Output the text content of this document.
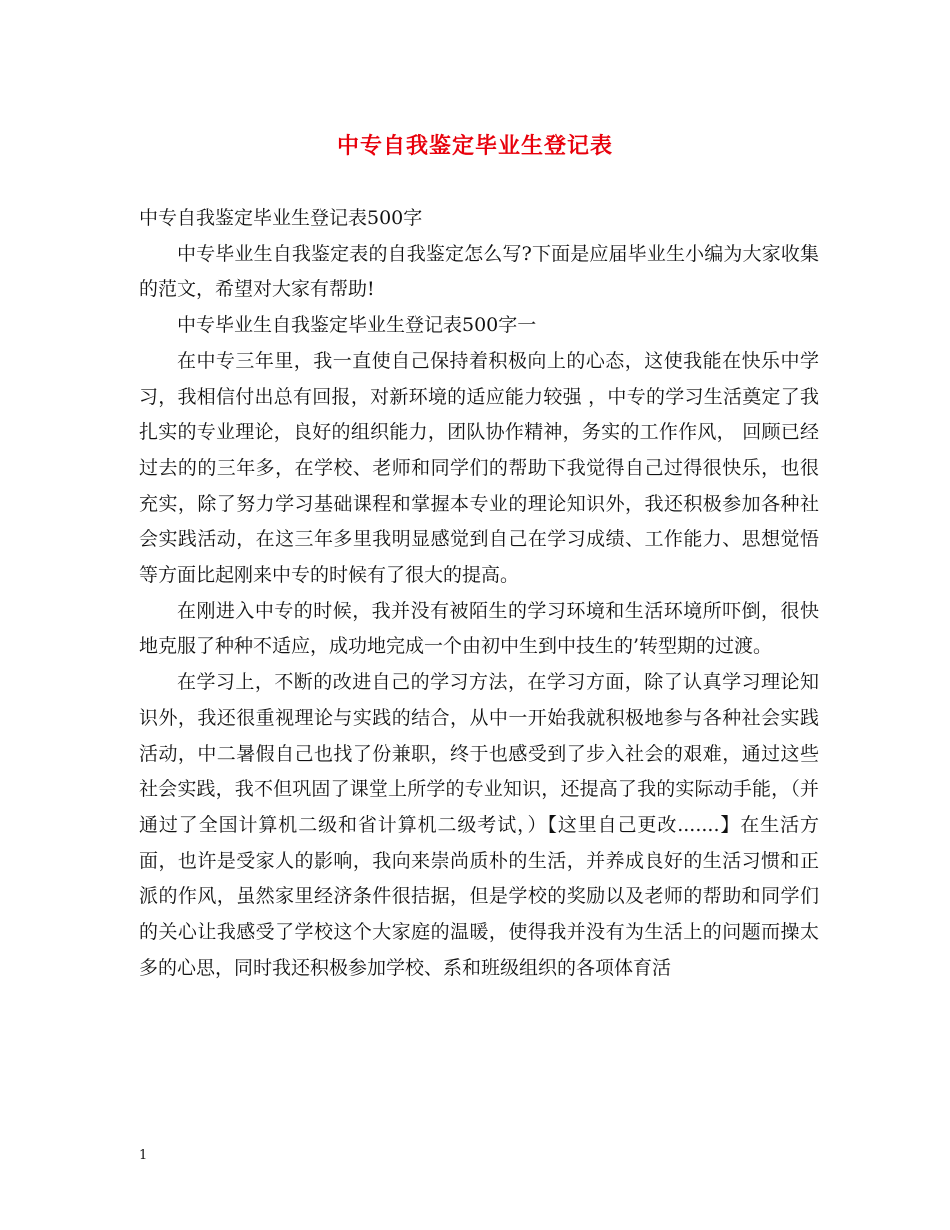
中专自我鉴定毕业生登记表

中专自我鉴定毕业生登记表500字

中专毕业生自我鉴定表的自我鉴定怎么写?下面是应届毕业生小编为大家收集的范文，希望对大家有帮助!

中专毕业生自我鉴定毕业生登记表500字一

在中专三年里，我一直使自己保持着积极向上的心态，这使我能在快乐中学习，我相信付出总有回报，对新环境的适应能力较强 ，中专的学习生活奠定了我扎实的专业理论，良好的组织能力，团队协作精神，务实的工作作风， 回顾已经过去的的三年多，在学校、老师和同学们的帮助下我觉得自己过得很快乐，也很充实，除了努力学习基础课程和掌握本专业的理论知识外，我还积极参加各种社会实践活动，在这三年多里我明显感觉到自己在学习成绩、工作能力、思想觉悟等方面比起刚来中专的时候有了很大的提高。

在刚进入中专的时候，我并没有被陌生的学习环境和生活环境所吓倒，很快地克服了种种不适应，成功地完成一个由初中生到中技生的’转型期的过渡。

在学习上，不断的改进自己的学习方法，在学习方面，除了认真学习理论知识外，我还很重视理论与实践的结合，从中一开始我就积极地参与各种社会实践活动，中二暑假自己也找了份兼职，终于也感受到了步入社会的艰难，通过这些社会实践，我不但巩固了课堂上所学的专业知识，还提高了我的实际动手能，（并通过了全国计算机二级和省计算机二级考试，）【这里自己更改.......】在生活方面，也许是受家人的影响，我向来崇尚质朴的生活，并养成良好的生活习惯和正派的作风，虽然家里经济条件很拮据，但是学校的奖励以及老师的帮助和同学们的关心让我感受了学校这个大家庭的温暖，使得我并没有为生活上的问题而操太多的心思，同时我还积极参加学校、系和班级组织的各项体育活

1
